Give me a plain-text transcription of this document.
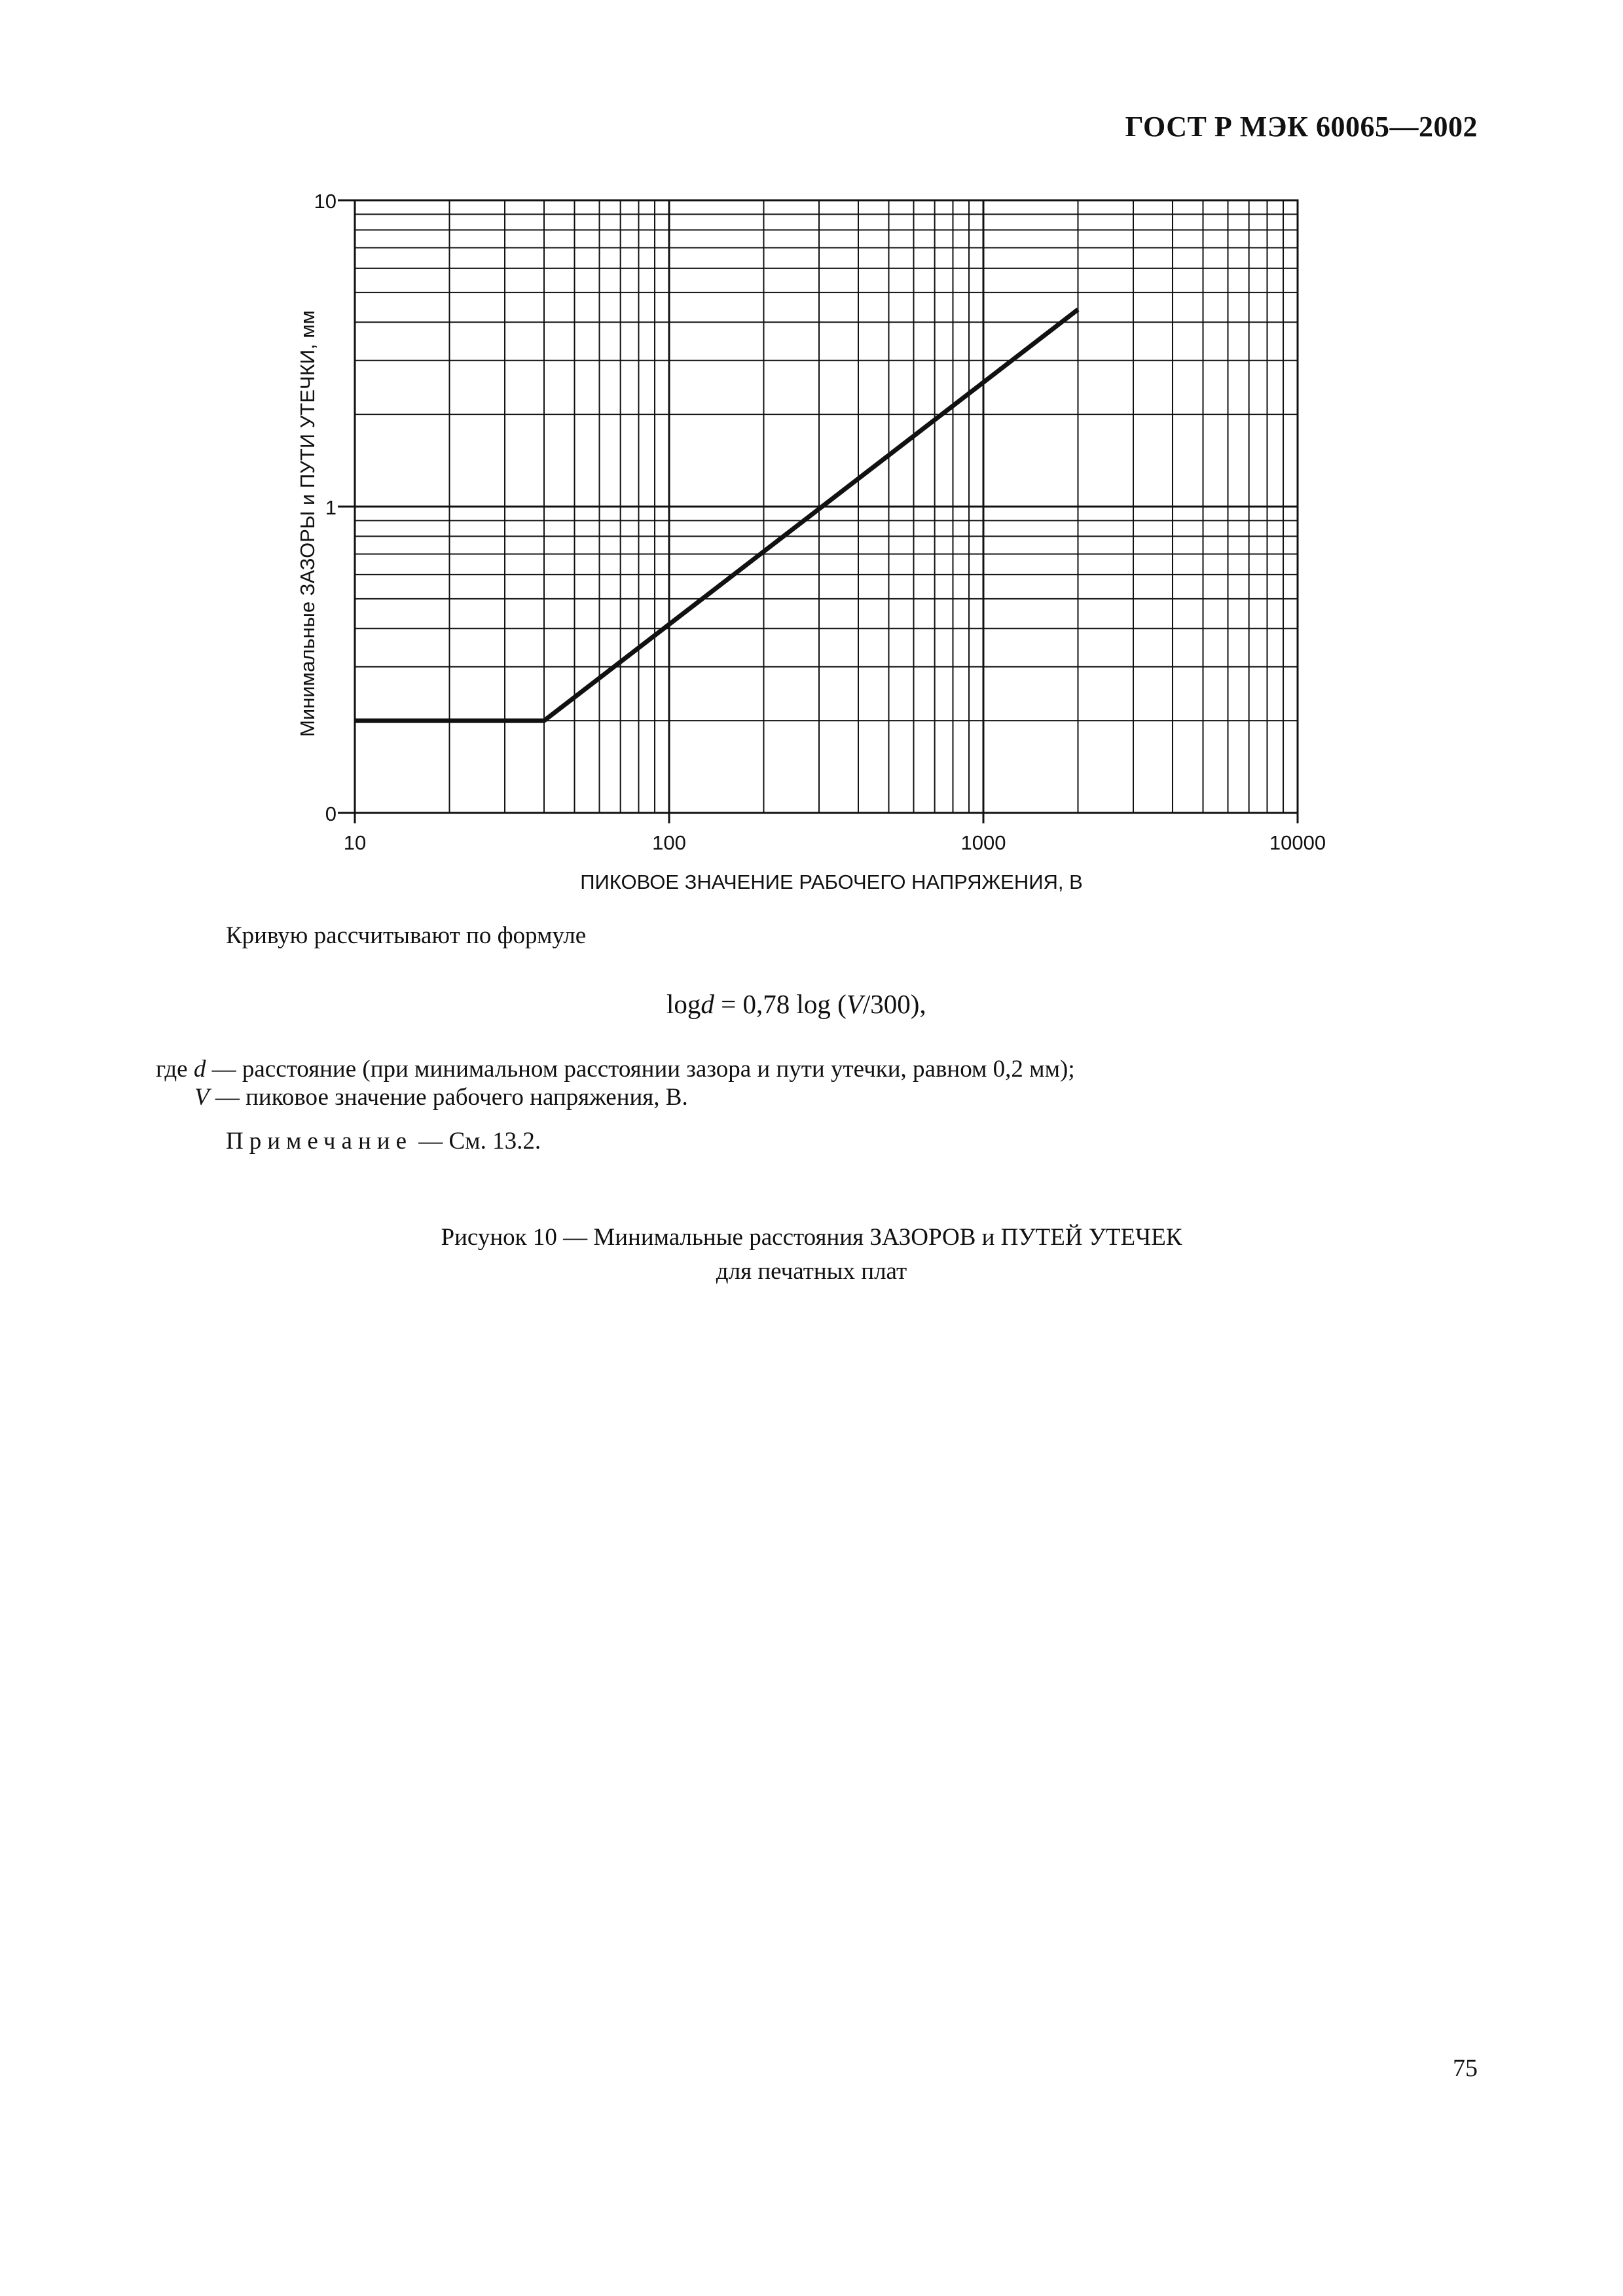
ГОСТ Р МЭК 60065—2002
0
1
10
10	100	1000	10000
ПИКОВОЕ ЗНАЧЕНИЕ РАБОЧЕГО НАПРЯЖЕНИЯ, В
Минимальные ЗАЗОРЫ и ПУТИ УТЕЧКИ, мм
Кривую рассчитывают по формуле
logd = 0,78 log (V/300),
где d — расстояние (при минимальном расстоянии зазора и пути утечки, равном 0,2 мм);
V — пиковое значение рабочего напряжения, В.
Примечание — См. 13.2.
Рисунок 10 — Минимальные расстояния ЗАЗОРОВ и ПУТЕЙ УТЕЧЕК
для печатных плат
75
